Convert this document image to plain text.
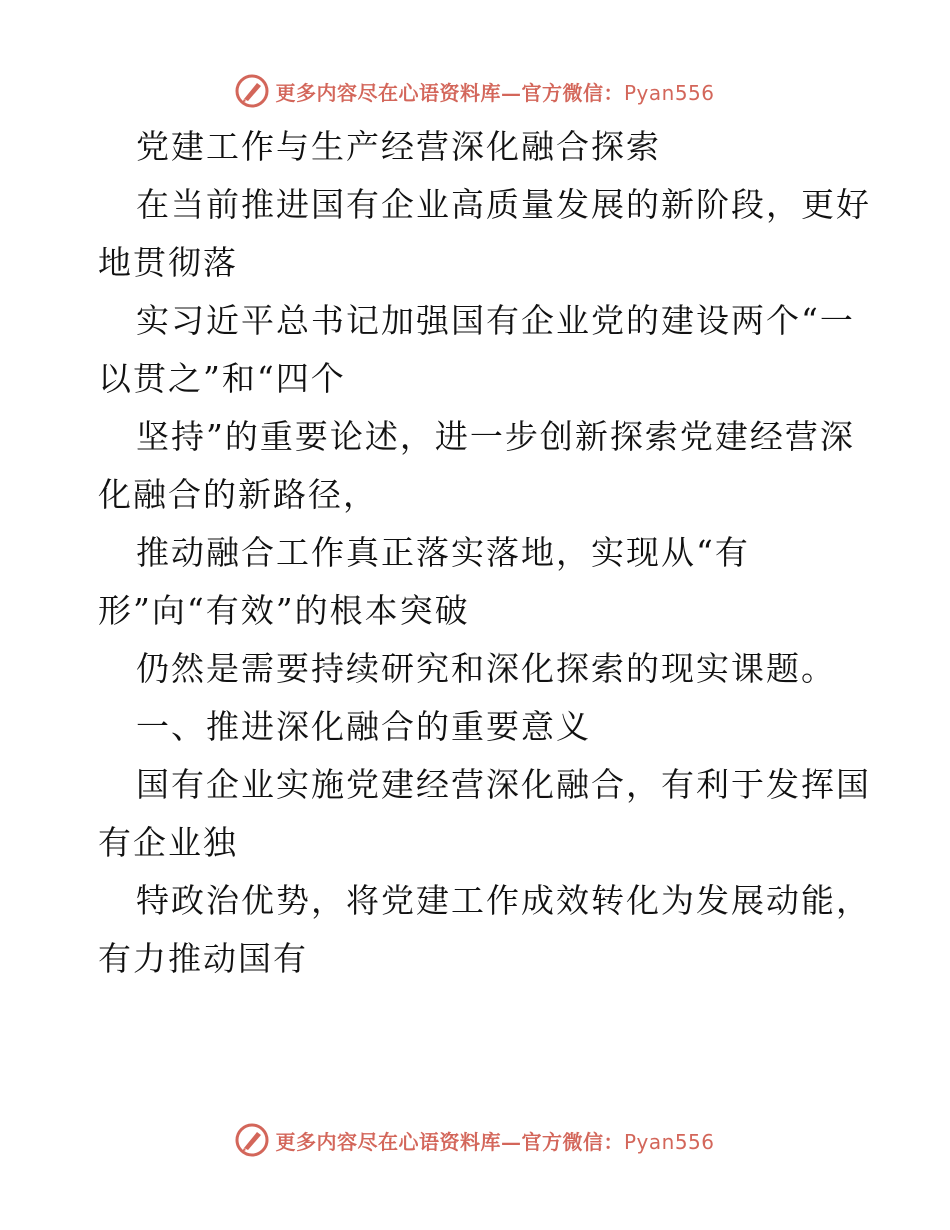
更多内容尽在心语资料库—官方微信：Pyan556
党建工作与生产经营深化融合探索
在当前推进国有企业高质量发展的新阶段，更好
地贯彻落
实习近平总书记加强国有企业党的建设两个“一
以贯之”和“四个
坚持”的重要论述，进一步创新探索党建经营深
化融合的新路径，
推动融合工作真正落实落地，实现从“有
形”向“有效”的根本突破
仍然是需要持续研究和深化探索的现实课题。
一、推进深化融合的重要意义
国有企业实施党建经营深化融合，有利于发挥国
有企业独
特政治优势，将党建工作成效转化为发展动能，
有力推动国有
更多内容尽在心语资料库—官方微信：Pyan556
